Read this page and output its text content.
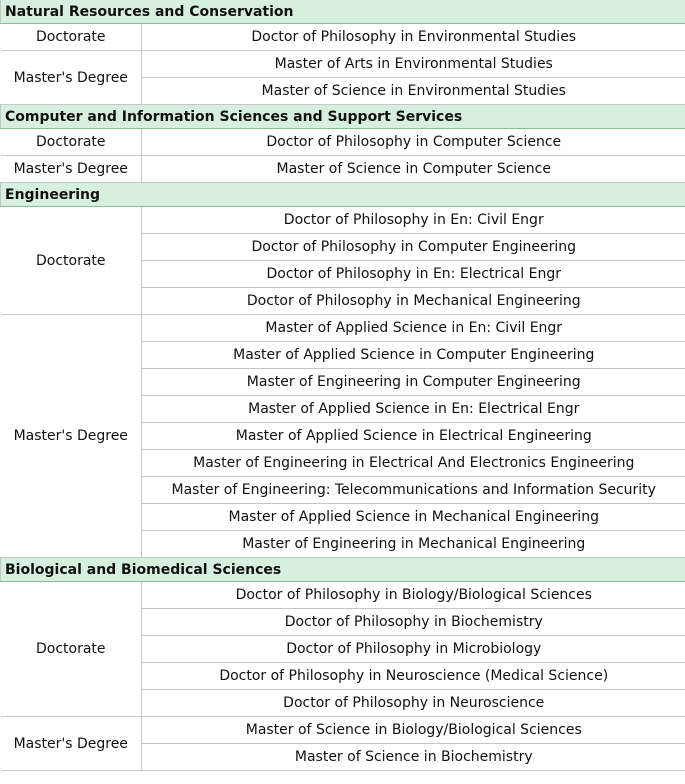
Natural Resources and Conservation	
Doctorate	Doctor of Philosophy in Environmental Studies
Master's Degree	Master of Arts in Environmental Studies
	Master of Science in Environmental Studies
Computer and Information Sciences and Support Services	
Doctorate	Doctor of Philosophy in Computer Science
Master's Degree	Master of Science in Computer Science
Engineering	
Doctorate	Doctor of Philosophy in En: Civil Engr
	Doctor of Philosophy in Computer Engineering
	Doctor of Philosophy in En: Electrical Engr
	Doctor of Philosophy in Mechanical Engineering
Master's Degree	Master of Applied Science in En: Civil Engr
	Master of Applied Science in Computer Engineering
	Master of Engineering in Computer Engineering
	Master of Applied Science in En: Electrical Engr
	Master of Applied Science in Electrical Engineering
	Master of Engineering in Electrical And Electronics Engineering
	Master of Engineering: Telecommunications and Information Security
	Master of Applied Science in Mechanical Engineering
	Master of Engineering in Mechanical Engineering
Biological and Biomedical Sciences	
Doctorate	Doctor of Philosophy in Biology/Biological Sciences
	Doctor of Philosophy in Biochemistry
	Doctor of Philosophy in Microbiology
	Doctor of Philosophy in Neuroscience (Medical Science)
	Doctor of Philosophy in Neuroscience
Master's Degree	Master of Science in Biology/Biological Sciences
	Master of Science in Biochemistry
